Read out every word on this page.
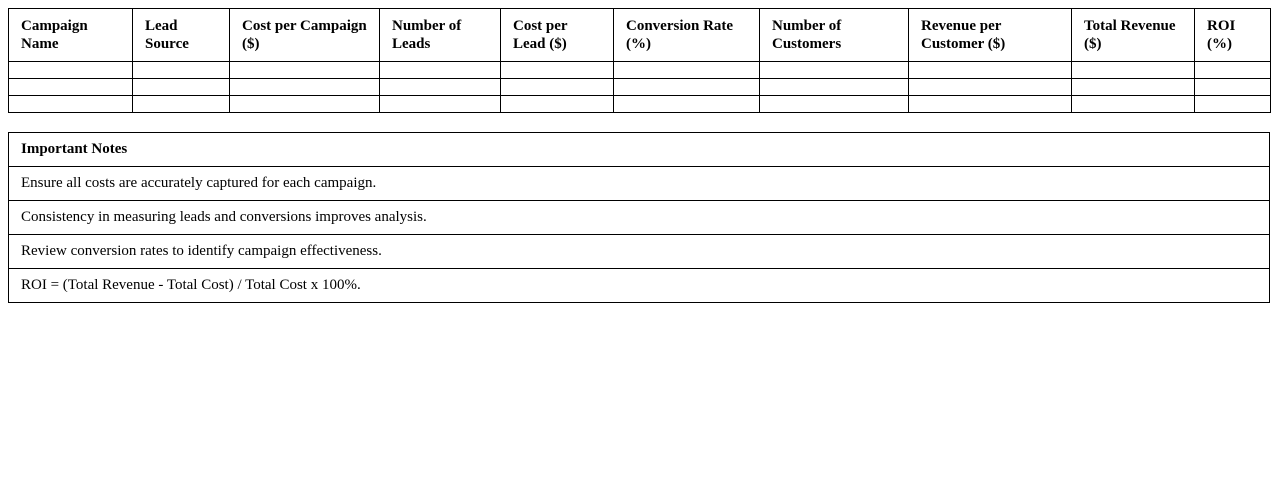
Campaign Name	Lead Source	Cost per Campaign ($)	Number of Leads	Cost per Lead ($)	Conversion Rate (%)	Number of Customers	Revenue per Customer ($)	Total Revenue ($)	ROI (%)

Important Notes
Ensure all costs are accurately captured for each campaign.
Consistency in measuring leads and conversions improves analysis.
Review conversion rates to identify campaign effectiveness.
ROI = (Total Revenue - Total Cost) / Total Cost x 100%.
